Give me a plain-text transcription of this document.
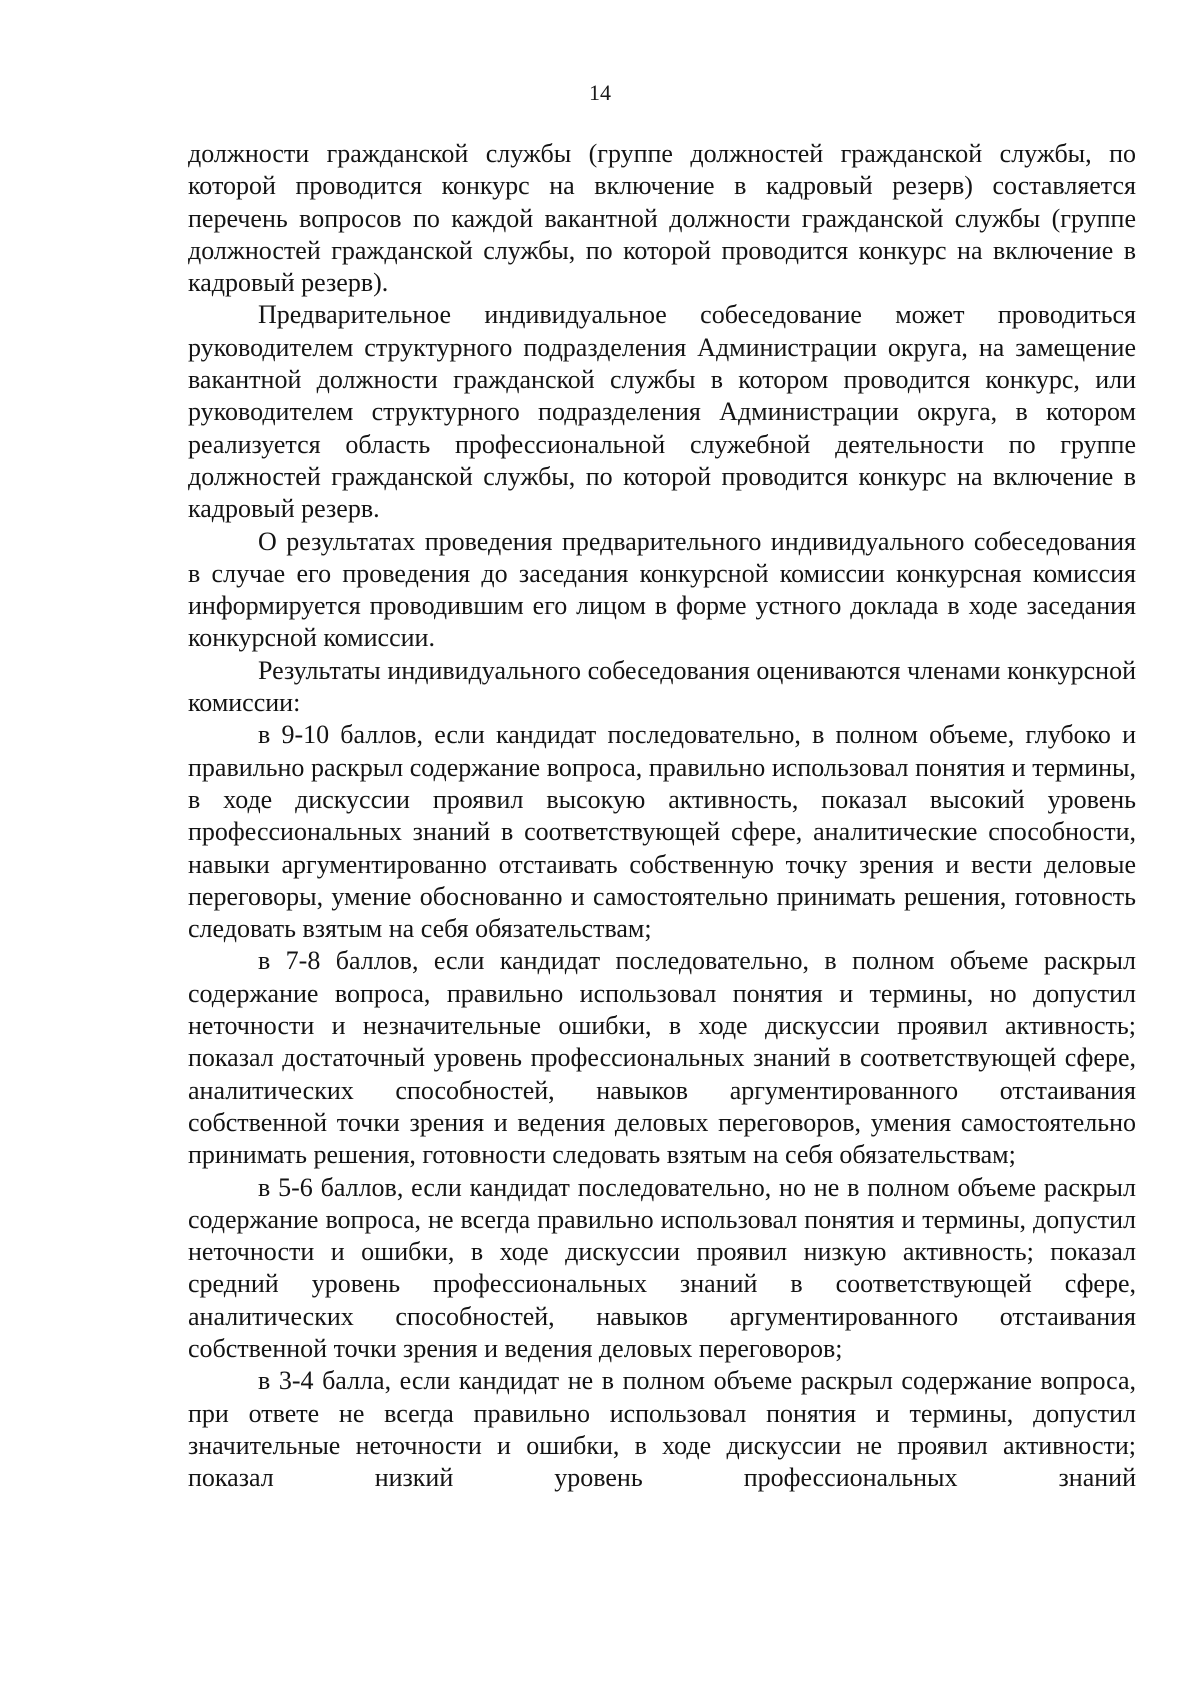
14

должности гражданской службы (группе должностей гражданской службы, по которой проводится конкурс на включение в кадровый резерв) составляется перечень вопросов по каждой вакантной должности гражданской службы (группе должностей гражданской службы, по которой проводится конкурс на включение в кадровый резерв).

Предварительное индивидуальное собеседование может проводиться руководителем структурного подразделения Администрации округа, на замещение вакантной должности гражданской службы в котором проводится конкурс, или руководителем структурного подразделения Администрации округа, в котором реализуется область профессиональной служебной деятельности по группе должностей гражданской службы, по которой проводится конкурс на включение в кадровый резерв.

О результатах проведения предварительного индивидуального собеседования в случае его проведения до заседания конкурсной комиссии конкурсная комиссия информируется проводившим его лицом в форме устного доклада в ходе заседания конкурсной комиссии.

Результаты индивидуального собеседования оцениваются членами конкурсной комиссии:

в 9-10 баллов, если кандидат последовательно, в полном объеме, глубоко и правильно раскрыл содержание вопроса, правильно использовал понятия и термины, в ходе дискуссии проявил высокую активность, показал высокий уровень профессиональных знаний в соответствующей сфере, аналитические способности, навыки аргументированно отстаивать собственную точку зрения и вести деловые переговоры, умение обоснованно и самостоятельно принимать решения, готовность следовать взятым на себя обязательствам;

в 7-8 баллов, если кандидат последовательно, в полном объеме раскрыл содержание вопроса, правильно использовал понятия и термины, но допустил неточности и незначительные ошибки, в ходе дискуссии проявил активность; показал достаточный уровень профессиональных знаний в соответствующей сфере, аналитических способностей, навыков аргументированного отстаивания собственной точки зрения и ведения деловых переговоров, умения самостоятельно принимать решения, готовности следовать взятым на себя обязательствам;

в 5-6 баллов, если кандидат последовательно, но не в полном объеме раскрыл содержание вопроса, не всегда правильно использовал понятия и термины, допустил неточности и ошибки, в ходе дискуссии проявил низкую активность; показал средний уровень профессиональных знаний в соответствующей сфере, аналитических способностей, навыков аргументированного отстаивания собственной точки зрения и ведения деловых переговоров;

в 3-4 балла, если кандидат не в полном объеме раскрыл содержание вопроса, при ответе не всегда правильно использовал понятия и термины, допустил значительные неточности и ошибки, в ходе дискуссии не проявил активности; показал низкий уровень профессиональных знаний
